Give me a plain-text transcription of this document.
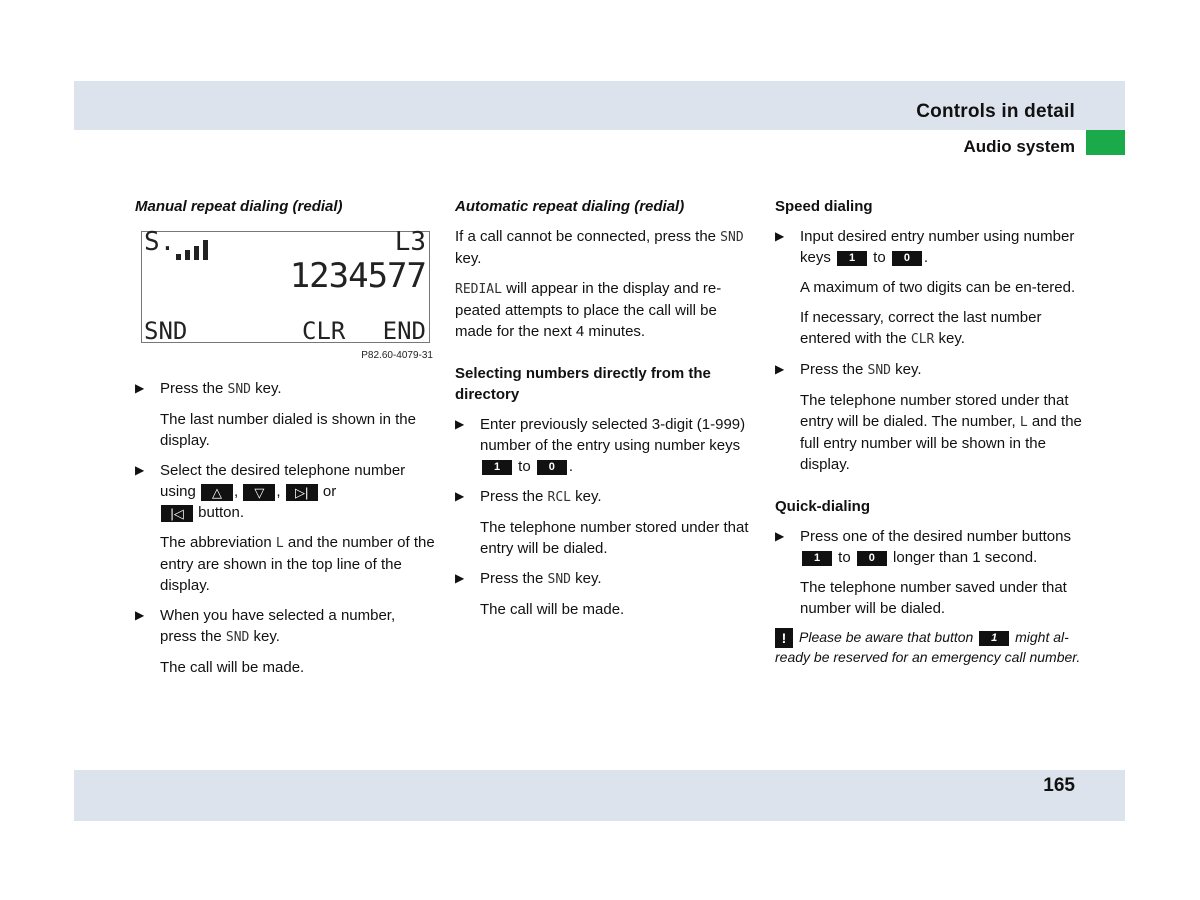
Controls in detail
Audio system
Manual repeat dialing (redial)
S.	L3
1234577
SND	CLR END
P82.60-4079-31
▶ Press the SND key.
The last number dialed is shown in the display.
▶ Select the desired telephone number using △ , ▽ , ▷| or
|◁ button.
The abbreviation L and the number of the entry are shown in the top line of the display.
▶ When you have selected a number, press the SND key.
The call will be made.
Automatic repeat dialing (redial)
If a call cannot be connected, press the SND key.
REDIAL will appear in the display and re-peated attempts to place the call will be made for the next 4 minutes.
Selecting numbers directly from the directory
▶ Enter previously selected 3-digit (1-999) number of the entry using number keys 1 to 0 .
▶ Press the RCL key.
The telephone number stored under that entry will be dialed.
▶ Press the SND key.
The call will be made.
Speed dialing
▶ Input desired entry number using number keys 1 to 0 .
A maximum of two digits can be en-tered.
If necessary, correct the last number entered with the CLR key.
▶ Press the SND key.
The telephone number stored under that entry will be dialed. The number, L and the full entry number will be shown in the display.
Quick-dialing
▶ Press one of the desired number buttons 1 to 0 longer than 1 second.
The telephone number saved under that number will be dialed.
! Please be aware that button 1 might al-ready be reserved for an emergency call number.
165
